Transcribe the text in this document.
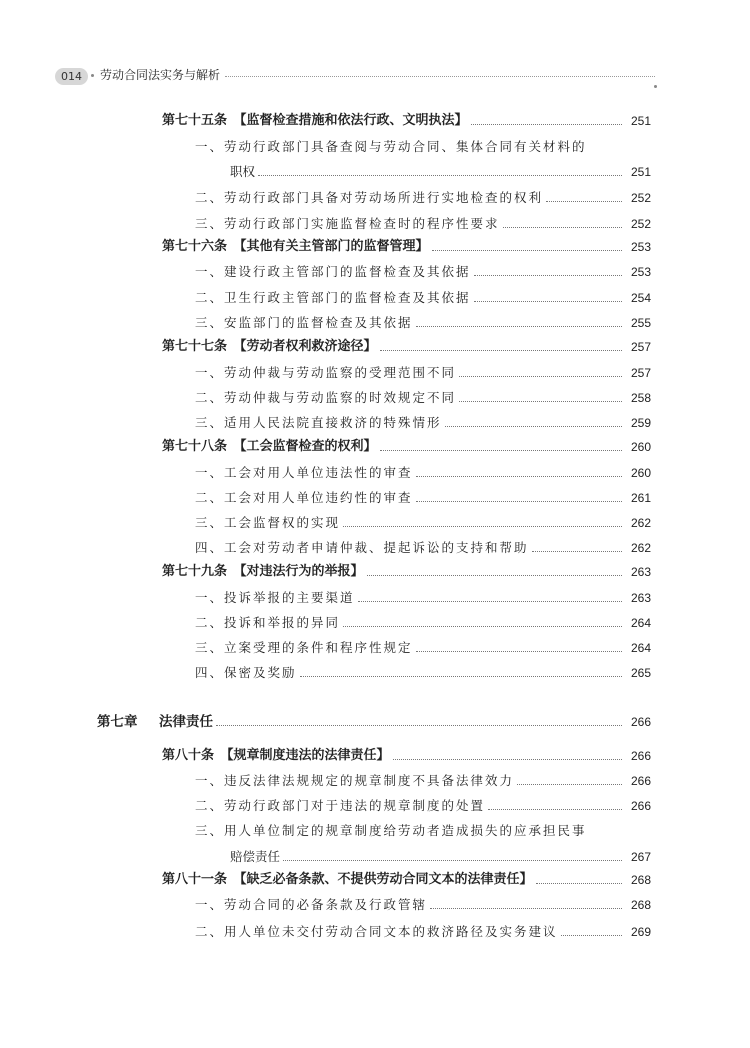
014	劳动合同法实务与解析
第七十五条　【监督检查措施和依法行政、文明执法】	251
一、劳动行政部门具备查阅与劳动合同、集体合同有关材料的
职权	251
二、劳动行政部门具备对劳动场所进行实地检查的权利	252
三、劳动行政部门实施监督检查时的程序性要求	252
第七十六条　【其他有关主管部门的监督管理】	253
一、建设行政主管部门的监督检查及其依据	253
二、卫生行政主管部门的监督检查及其依据	254
三、安监部门的监督检查及其依据	255
第七十七条　【劳动者权利救济途径】	257
一、劳动仲裁与劳动监察的受理范围不同	257
二、劳动仲裁与劳动监察的时效规定不同	258
三、适用人民法院直接救济的特殊情形	259
第七十八条　【工会监督检查的权利】	260
一、工会对用人单位违法性的审查	260
二、工会对用人单位违约性的审查	261
三、工会监督权的实现	262
四、工会对劳动者申请仲裁、提起诉讼的支持和帮助	262
第七十九条　【对违法行为的举报】	263
一、投诉举报的主要渠道	263
二、投诉和举报的异同	264
三、立案受理的条件和程序性规定	264
四、保密及奖励	265
第七章 法律责任	266
第八十条　【规章制度违法的法律责任】	266
一、违反法律法规规定的规章制度不具备法律效力	266
二、劳动行政部门对于违法的规章制度的处置	266
三、用人单位制定的规章制度给劳动者造成损失的应承担民事
赔偿责任	267
第八十一条　【缺乏必备条款、不提供劳动合同文本的法律责任】	268
一、劳动合同的必备条款及行政管辖	268
二、用人单位未交付劳动合同文本的救济路径及实务建议	269
